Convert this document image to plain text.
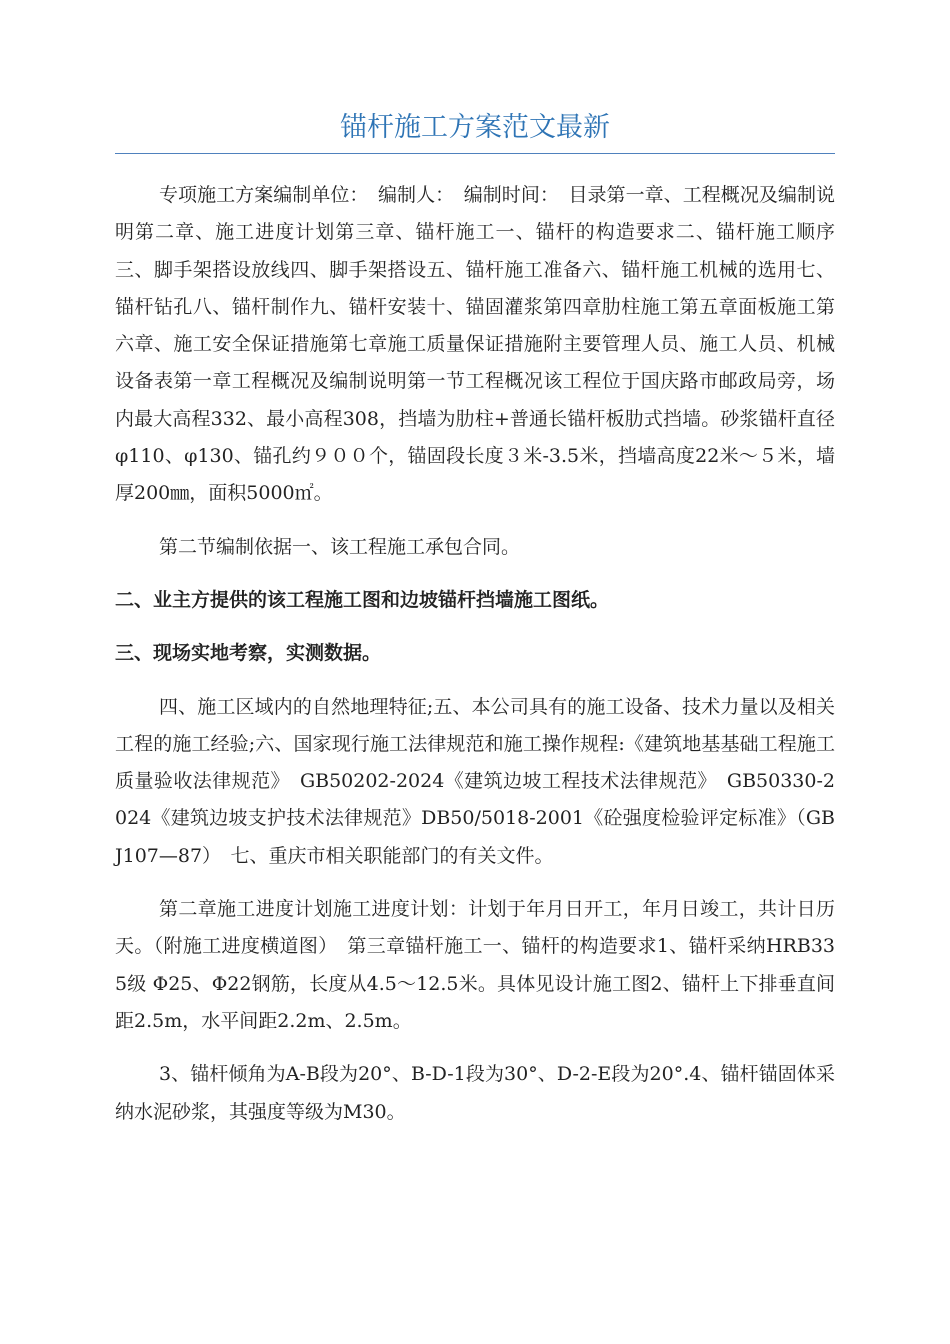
锚杆施工方案范文最新

专项施工方案编制单位：　编制人：　编制时间：　目录第一章、工程概况及编制说明第二章、施工进度计划第三章、锚杆施工一、锚杆的构造要求二、锚杆施工顺序三、脚手架搭设放线四、脚手架搭设五、锚杆施工准备六、锚杆施工机械的选用七、锚杆钻孔八、锚杆制作九、锚杆安装十、锚固灌浆第四章肋柱施工第五章面板施工第六章、施工安全保证措施第七章施工质量保证措施附主要管理人员、施工人员、机械设备表第一章工程概况及编制说明第一节工程概况该工程位于国庆路市邮政局旁，场内最大高程332、最小高程308，挡墙为肋柱+普通长锚杆板肋式挡墙。砂浆锚杆直径 φ110、φ130、锚孔约９００个，锚固段长度３米-3.5米，挡墙高度22米～５米，墙厚200㎜，面积5000㎡。

第二节编制依据一、该工程施工承包合同。

二、业主方提供的该工程施工图和边坡锚杆挡墙施工图纸。

三、现场实地考察，实测数据。

四、施工区域内的自然地理特征;五、本公司具有的施工设备、技术力量以及相关工程的施工经验;六、国家现行施工法律规范和施工操作规程:《建筑地基基础工程施工质量验收法律规范》　GB50202-2024《建筑边坡工程技术法律规范》　GB50330-2024《建筑边坡支护技术法律规范》DB50/5018-2001《砼强度检验评定标准》（GBJ107—87）　七、重庆市相关职能部门的有关文件。

第二章施工进度计划施工进度计划：计划于年月日开工，年月日竣工，共计日历天。（附施工进度横道图）　第三章锚杆施工一、锚杆的构造要求1、锚杆采纳HRB335级 Φ25、Φ22钢筋，长度从4.5～12.5米。具体见设计施工图2、锚杆上下排垂直间距2.5m，水平间距2.2m、2.5m。

3、锚杆倾角为A-B段为20°、B-D-1段为30°、D-2-E段为20°.4、锚杆锚固体采纳水泥砂浆，其强度等级为M30。
